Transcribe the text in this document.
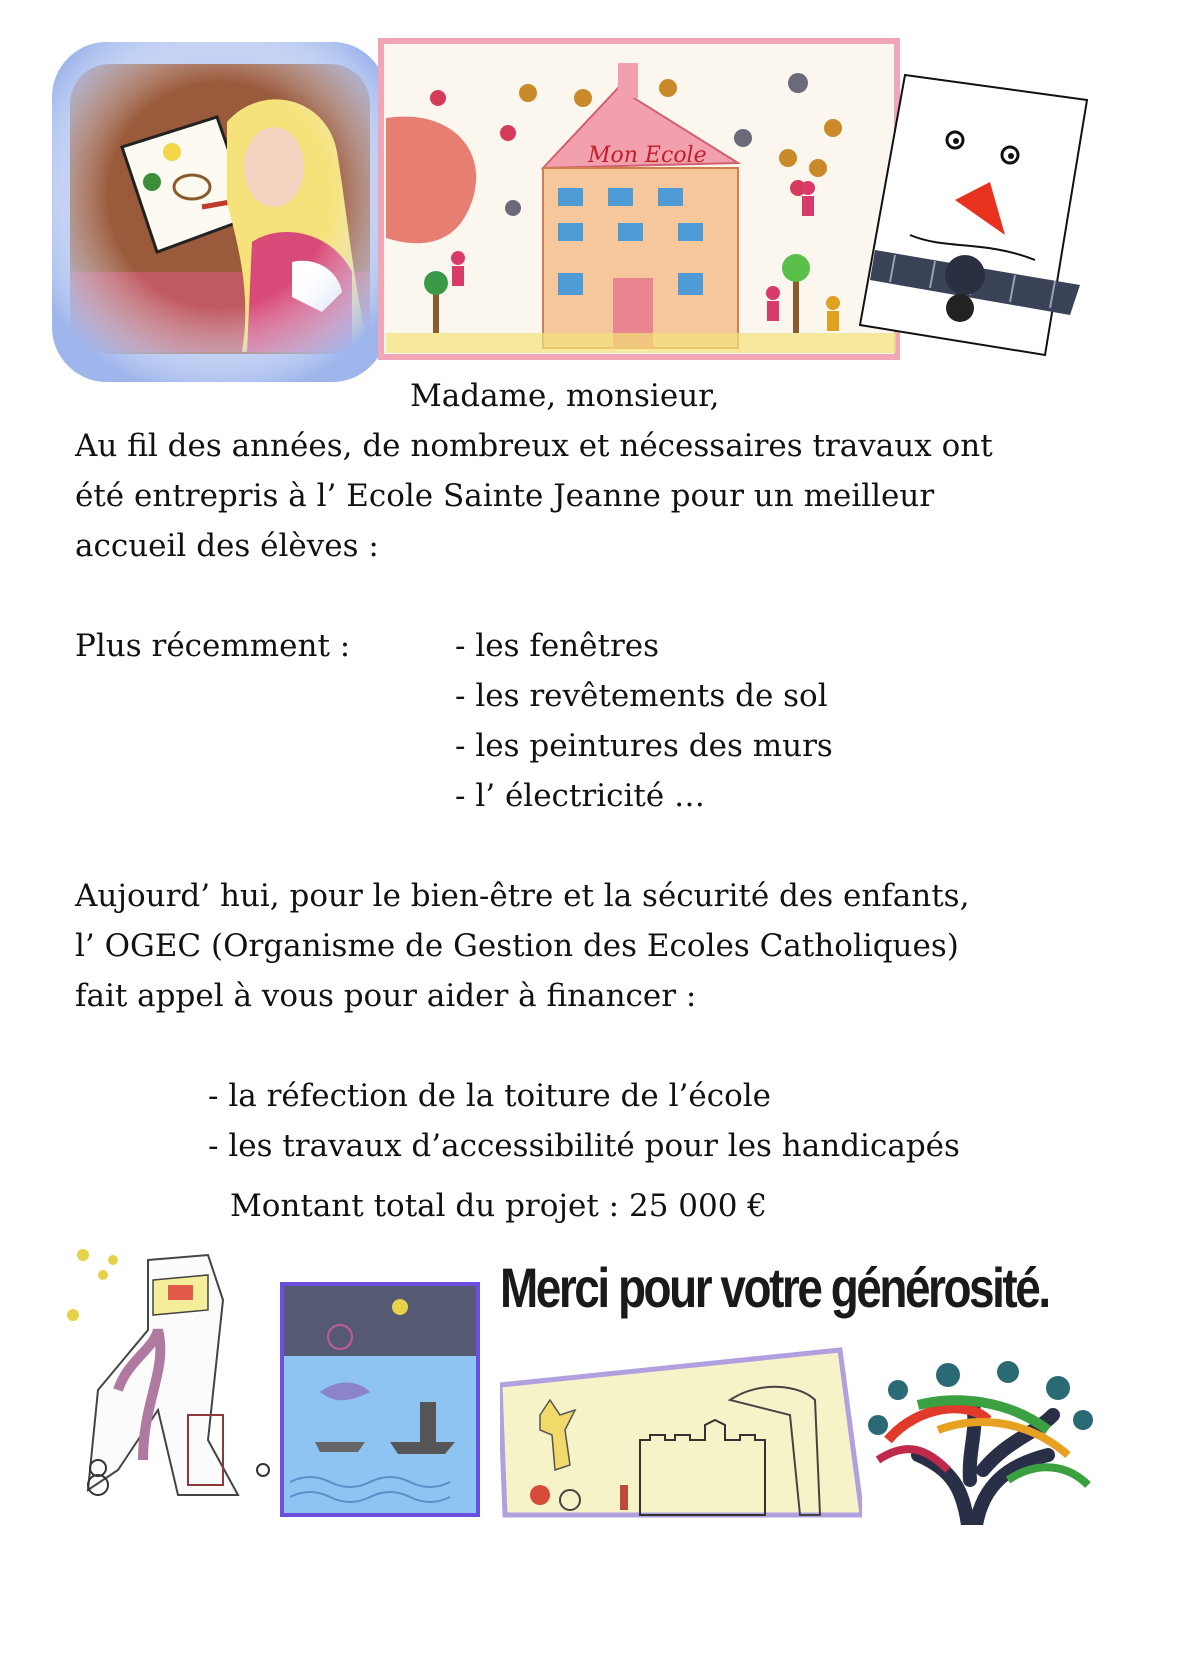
Mon Ecole
Madame, monsieur,
Au fil des années, de nombreux et nécessaires travaux ont
été entrepris à l’ Ecole Sainte Jeanne pour un meilleur
accueil des élèves :
Plus récemment :	- les fenêtres
- les revêtements de sol
- les peintures des murs
- l’ électricité …
Aujourd’ hui, pour le bien-être et la sécurité des enfants,
l’ OGEC (Organisme de Gestion des Ecoles Catholiques)
fait appel à vous pour aider à financer :
- la réfection de la toiture de l’école
- les travaux d’accessibilité pour les handicapés
Montant total du projet : 25 000 €
Merci pour votre générosité.
